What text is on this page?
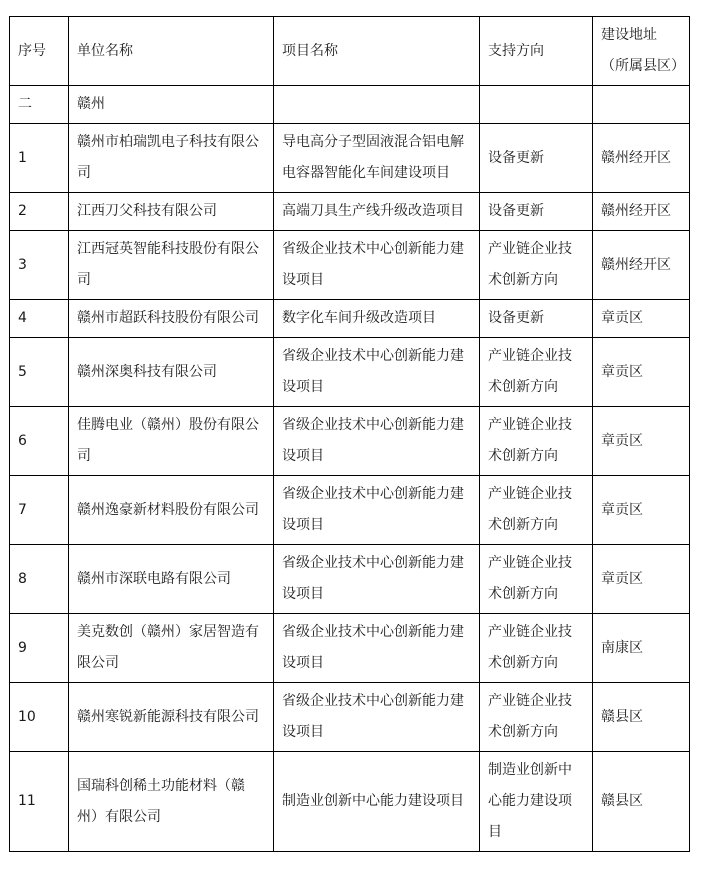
序号	单位名称	项目名称	支持方向	建设地址（所属县区）
二	赣州			
1	赣州市柏瑞凯电子科技有限公司	导电高分子型固液混合铝电解电容器智能化车间建设项目	设备更新	赣州经开区
2	江西刀父科技有限公司	高端刀具生产线升级改造项目	设备更新	赣州经开区
3	江西冠英智能科技股份有限公司	省级企业技术中心创新能力建设项目	产业链企业技术创新方向	赣州经开区
4	赣州市超跃科技股份有限公司	数字化车间升级改造项目	设备更新	章贡区
5	赣州深奥科技有限公司	省级企业技术中心创新能力建设项目	产业链企业技术创新方向	章贡区
6	佳腾电业（赣州）股份有限公司	省级企业技术中心创新能力建设项目	产业链企业技术创新方向	章贡区
7	赣州逸豪新材料股份有限公司	省级企业技术中心创新能力建设项目	产业链企业技术创新方向	章贡区
8	赣州市深联电路有限公司	省级企业技术中心创新能力建设项目	产业链企业技术创新方向	章贡区
9	美克数创（赣州）家居智造有限公司	省级企业技术中心创新能力建设项目	产业链企业技术创新方向	南康区
10	赣州寒锐新能源科技有限公司	省级企业技术中心创新能力建设项目	产业链企业技术创新方向	赣县区
11	国瑞科创稀土功能材料（赣州）有限公司	制造业创新中心能力建设项目	制造业创新中心能力建设项目	赣县区
